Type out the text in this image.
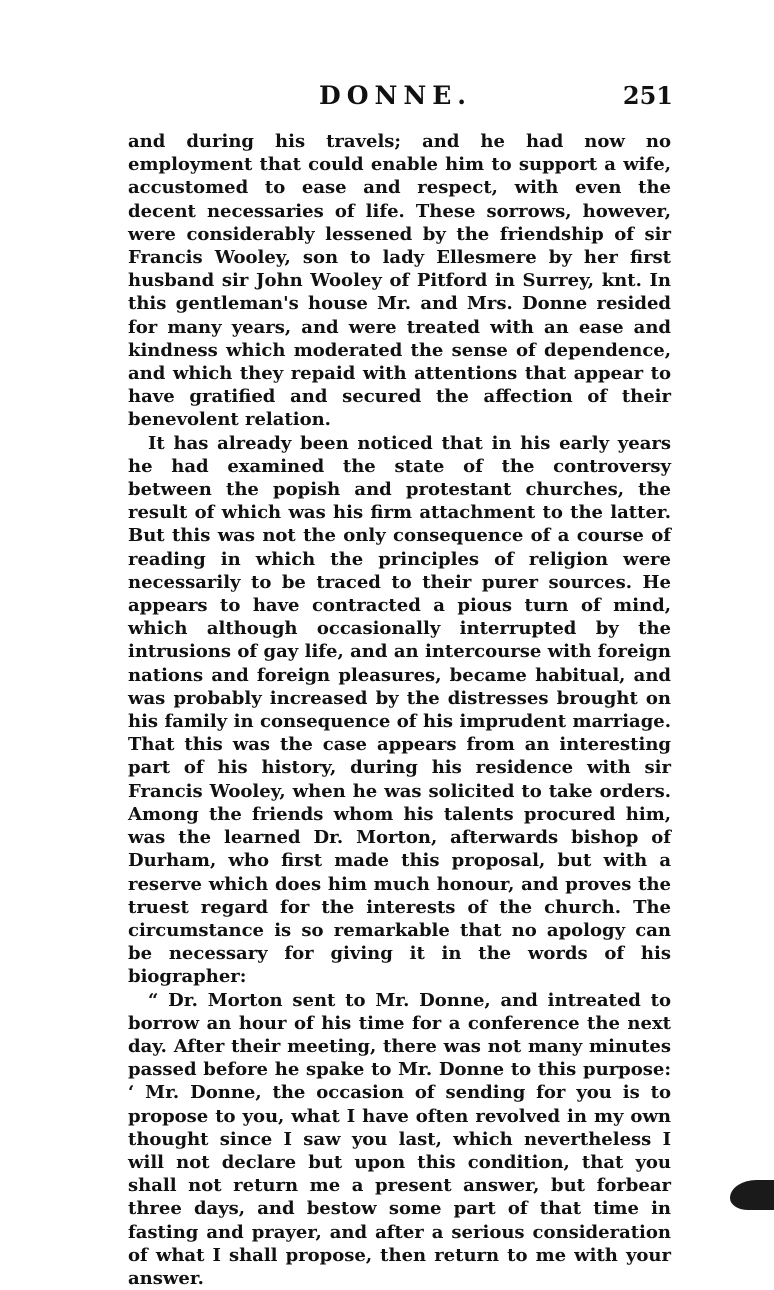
DONNE.	251

and during his travels; and he had now no employment that could enable him to support a wife, accustomed to ease and respect, with even the decent necessaries of life. These sorrows, however, were considerably lessened by the friendship of sir Francis Wooley, son to lady Ellesmere by her first husband sir John Wooley of Pitford in Surrey, knt. In this gentleman's house Mr. and Mrs. Donne resided for many years, and were treated with an ease and kindness which moderated the sense of dependence, and which they repaid with attentions that appear to have gratified and secured the affection of their benevolent relation.

It has already been noticed that in his early years he had examined the state of the controversy between the popish and protestant churches, the result of which was his firm attachment to the latter. But this was not the only consequence of a course of reading in which the principles of religion were necessarily to be traced to their purer sources. He appears to have contracted a pious turn of mind, which although occasionally interrupted by the intrusions of gay life, and an intercourse with foreign nations and foreign pleasures, became habitual, and was probably increased by the distresses brought on his family in consequence of his imprudent marriage. That this was the case appears from an interesting part of his history, during his residence with sir Francis Wooley, when he was solicited to take orders. Among the friends whom his talents procured him, was the learned Dr. Morton, afterwards bishop of Durham, who first made this proposal, but with a reserve which does him much honour, and proves the truest regard for the interests of the church. The circumstance is so remarkable that no apology can be necessary for giving it in the words of his biographer:

“ Dr. Morton sent to Mr. Donne, and intreated to borrow an hour of his time for a conference the next day. After their meeting, there was not many minutes passed before he spake to Mr. Donne to this purpose: ‘ Mr. Donne, the occasion of sending for you is to propose to you, what I have often revolved in my own thought since I saw you last, which nevertheless I will not declare but upon this condition, that you shall not return me a present answer, but forbear three days, and bestow some part of that time in fasting and prayer, and after a serious consideration of what I shall propose, then return to me with your answer.
